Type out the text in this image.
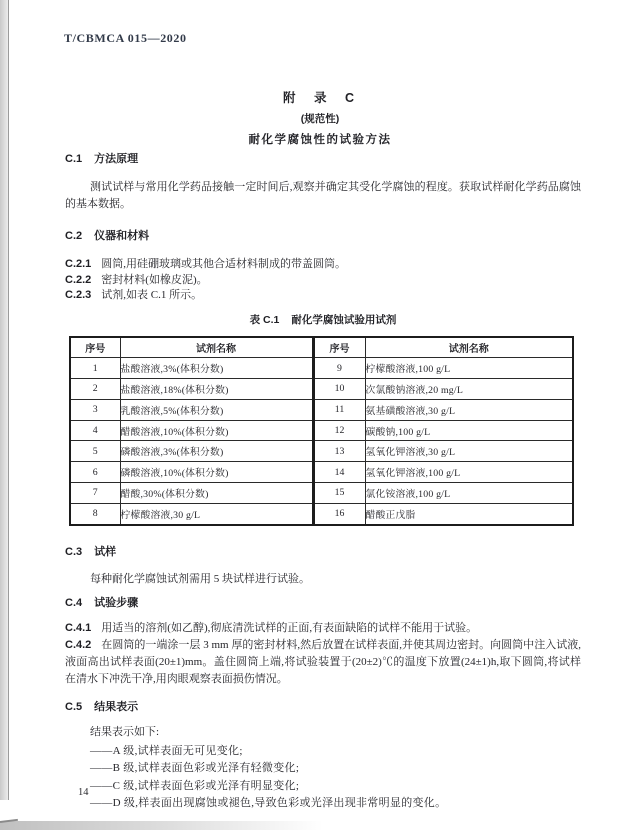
T/CBMCA 015—2020
附 录 C
(规范性)
耐化学腐蚀性的试验方法
C.1 方法原理

测试试样与常用化学药品接触一定时间后,观察并确定其受化学腐蚀的程度。获取试样耐化学药品腐蚀的基本数据。

C.2 仪器和材料

C.2.1 圆筒,用硅硼玻璃或其他合适材料制成的带盖圆筒。

C.2.2 密封材料(如橡皮泥)。

C.2.3 试剂,如表 C.1 所示。

表 C.1 耐化学腐蚀试验用试剂
序号	试剂名称	序号	试剂名称
1	盐酸溶液,3%(体积分数)	9	柠檬酸溶液,100 g/L
2	盐酸溶液,18%(体积分数)	10	次氯酸钠溶液,20 mg/L
3	乳酸溶液,5%(体积分数)	11	氨基磺酸溶液,30 g/L
4	醋酸溶液,10%(体积分数)	12	碳酸钠,100 g/L
5	磷酸溶液,3%(体积分数)	13	氢氧化钾溶液,30 g/L
6	磷酸溶液,10%(体积分数)	14	氢氧化钾溶液,100 g/L
7	醋酸,30%(体积分数)	15	氯化铵溶液,100 g/L
8	柠檬酸溶液,30 g/L	16	醋酸正戊脂
C.3 试样

每种耐化学腐蚀试剂需用 5 块试样进行试验。

C.4 试验步骤

C.4.1 用适当的溶剂(如乙醇),彻底清洗试样的正面,有表面缺陷的试样不能用于试验。

C.4.2 在圆筒的一端涂一层 3 mm 厚的密封材料,然后放置在试样表面,并使其周边密封。向圆筒中注入试液,液面高出试样表面(20±1)mm。盖住圆筒上端,将试验装置于(20±2)℃的温度下放置(24±1)h,取下圆筒,将试样在清水下冲洗干净,用肉眼观察表面损伤情况。

C.5 结果表示

结果表示如下:

——A 级,试样表面无可见变化;

——B 级,试样表面色彩或光泽有轻微变化;

——C 级,试样表面色彩或光泽有明显变化;

——D 级,样表面出现腐蚀或褪色,导致色彩或光泽出现非常明显的变化。

14
